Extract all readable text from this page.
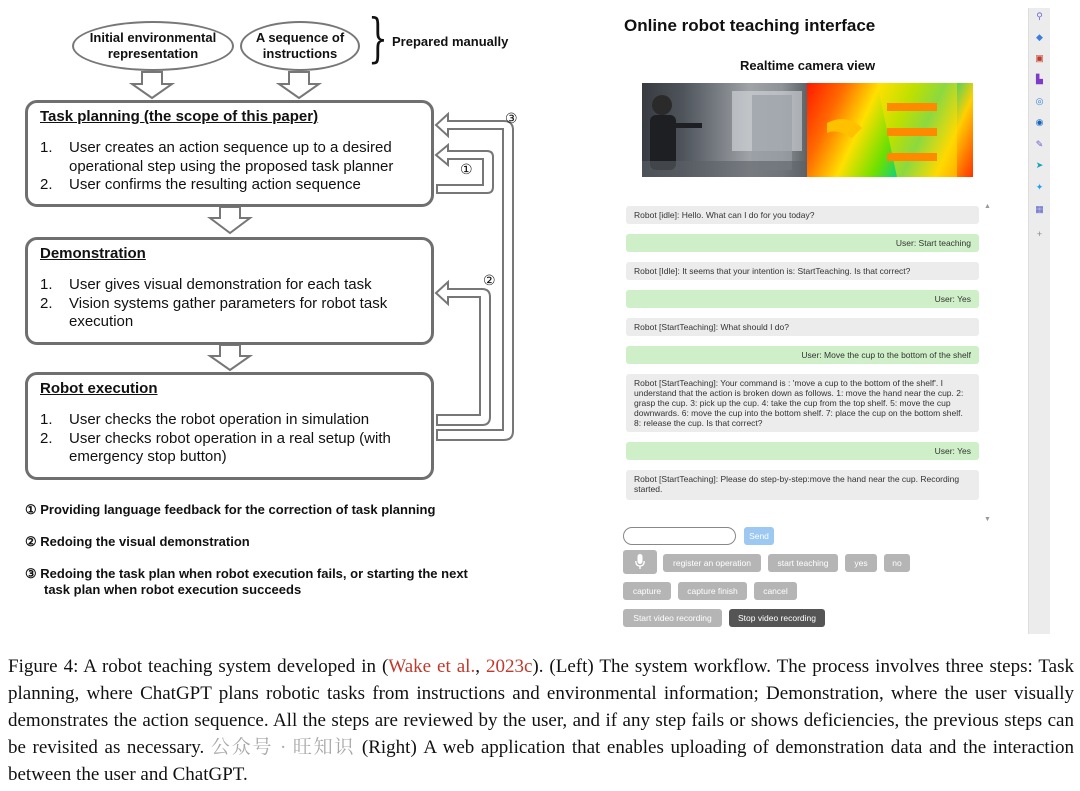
Initial environmental
representation
A sequence of
instructions } Prepared manually
Task planning (the scope of this paper)
1.	User creates an action sequence up to a desired
operational step using the proposed task planner
2.	User confirms the resulting action sequence
Demonstration
1.	User gives visual demonstration for each task
2.	Vision systems gather parameters for robot task
execution
Robot execution
1.	User checks the robot operation in simulation
2.	User checks robot operation in a real setup (with
emergency stop button)
①
②
③
① Providing language feedback for the correction of task planning
② Redoing the visual demonstration
③ Redoing the task plan when robot execution fails, or starting the next
task plan when robot execution succeeds
Online robot teaching interface
Realtime camera view
▲
Robot [idle]: Hello. What can I do for you today?
User: Start teaching
Robot [Idle]: It seems that your intention is: StartTeaching. Is that correct?
User: Yes
Robot [StartTeaching]: What should I do?
User: Move the cup to the bottom of the shelf
Robot [StartTeaching]: Your command is : 'move a cup to the bottom of the shelf'. I understand that the action is broken down as follows. 1: move the hand near the cup. 2: grasp the cup. 3: pick up the cup. 4: take the cup from the top shelf. 5: move the cup downwards. 6: move the cup into the bottom shelf. 7: place the cup on the bottom shelf. 8: release the cup. Is that correct?
User: Yes
Robot [StartTeaching]: Please do step-by-step:move the hand near the cup. Recording started.
▼
Send
register an operation	start teaching	yes	no
capture	capture finish	cancel
Start video recording	Stop video recording
⚲
◆
▣
▙
◎
◉
✎
➤
✦
▦
+
Figure 4: A robot teaching system developed in (Wake et al., 2023c). (Left) The system workflow. The process involves three steps: Task planning, where ChatGPT plans robotic tasks from instructions and environmental information; Demonstration, where the user visually demonstrates the action sequence. All the steps are reviewed by the user, and if any step fails or shows deficiencies, the previous steps can be revisited as necessary. 公众号 · 旺知识 (Right) A web application that enables uploading of demonstration data and the interaction between the user and ChatGPT.
